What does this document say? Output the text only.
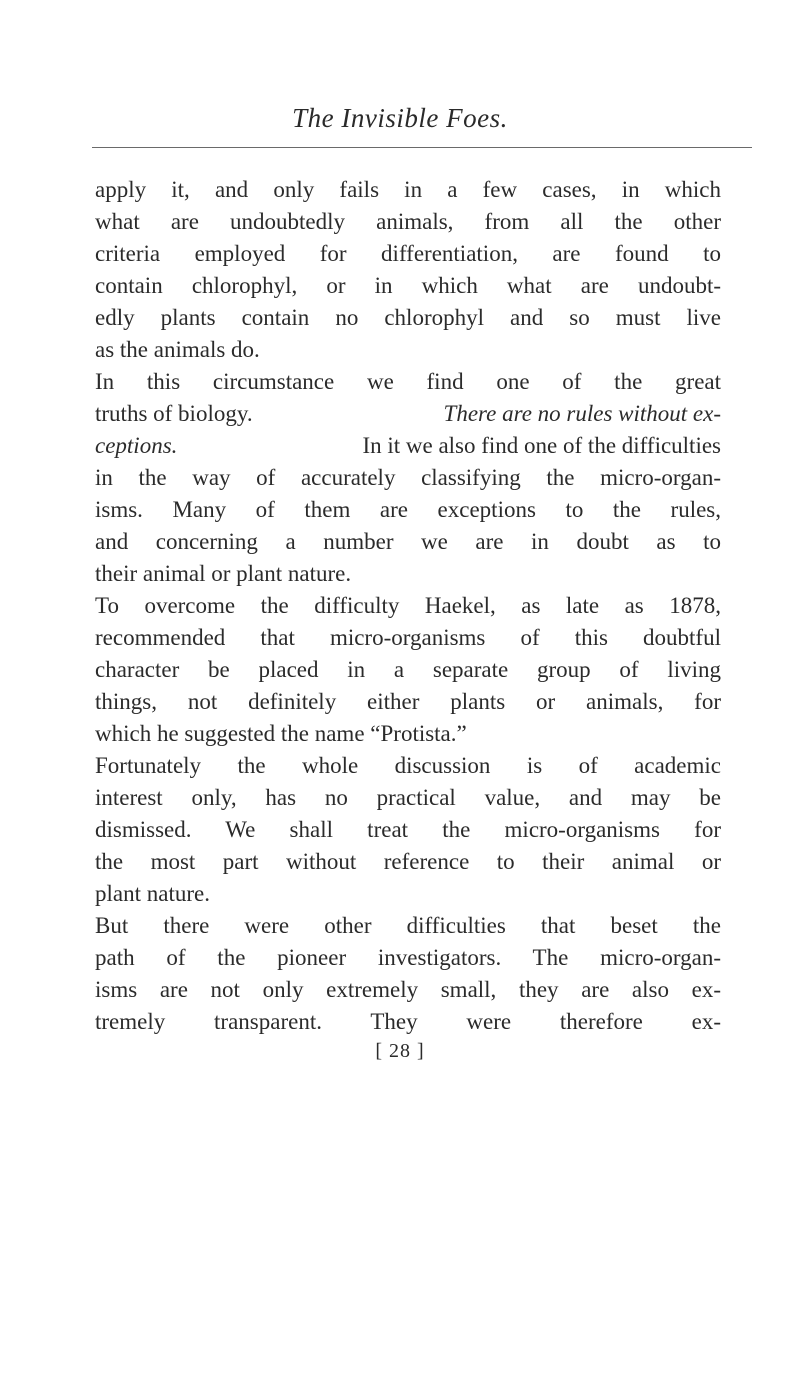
The Invisible Foes.
apply it, and only fails in a few cases, in which
what are undoubtedly animals, from all the other
criteria employed for differentiation, are found to
contain chlorophyl, or in which what are undoubt-
edly plants contain no chlorophyl and so must live
as the animals do.
In this circumstance we find one of the great
truths of biology.	There are no rules without ex-
ceptions.	In it we also find one of the difficulties
in the way of accurately classifying the micro-organ-
isms. Many of them are exceptions to the rules,
and concerning a number we are in doubt as to
their animal or plant nature.
To overcome the difficulty Haekel, as late as 1878,
recommended that micro-organisms of this doubtful
character be placed in a separate group of living
things, not definitely either plants or animals, for
which he suggested the name “Protista.”
Fortunately the whole discussion is of academic
interest only, has no practical value, and may be
dismissed. We shall treat the micro-organisms for
the most part without reference to their animal or
plant nature.
But there were other difficulties that beset the
path of the pioneer investigators. The micro-organ-
isms are not only extremely small, they are also ex-
tremely transparent. They were therefore ex-
[ 28 ]
